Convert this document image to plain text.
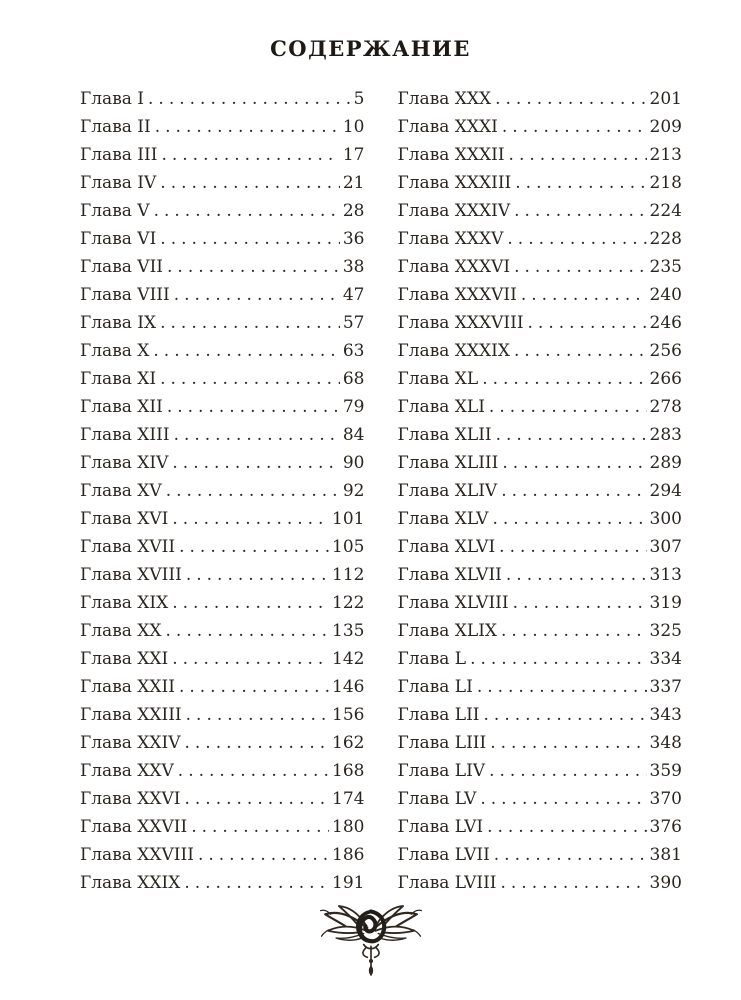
СОДЕРЖАНИЕ
Глава I .....	5
Глава II .....	10
Глава III .....	17
Глава IV .....	21
Глава V .....	28
Глава VI .....	36
Глава VII .....	38
Глава VIII .....	47
Глава IX .....	57
Глава X .....	63
Глава XI .....	68
Глава XII .....	79
Глава XIII .....	84
Глава XIV .....	90
Глава XV .....	92
Глава XVI .....	101
Глава XVII .....	105
Глава XVIII .....	112
Глава XIX .....	122
Глава XX .....	135
Глава XXI .....	142
Глава XXII .....	146
Глава XXIII .....	156
Глава XXIV .....	162
Глава XXV .....	168
Глава XXVI .....	174
Глава XXVII .....	180
Глава XXVIII .....	186
Глава XXIX .....	191
Глава XXX .....	201
Глава XXXI .....	209
Глава XXXII .....	213
Глава XXXIII .....	218
Глава XXXIV .....	224
Глава XXXV .....	228
Глава XXXVI .....	235
Глава XXXVII .....	240
Глава XXXVIII .....	246
Глава XXXIX .....	256
Глава XL .....	266
Глава XLI .....	278
Глава XLII .....	283
Глава XLIII .....	289
Глава XLIV .....	294
Глава XLV .....	300
Глава XLVI .....	307
Глава XLVII .....	313
Глава XLVIII .....	319
Глава XLIX .....	325
Глава L .....	334
Глава LI .....	337
Глава LII .....	343
Глава LIII .....	348
Глава LIV .....	359
Глава LV .....	370
Глава LVI .....	376
Глава LVII .....	381
Глава LVIII .....	390
